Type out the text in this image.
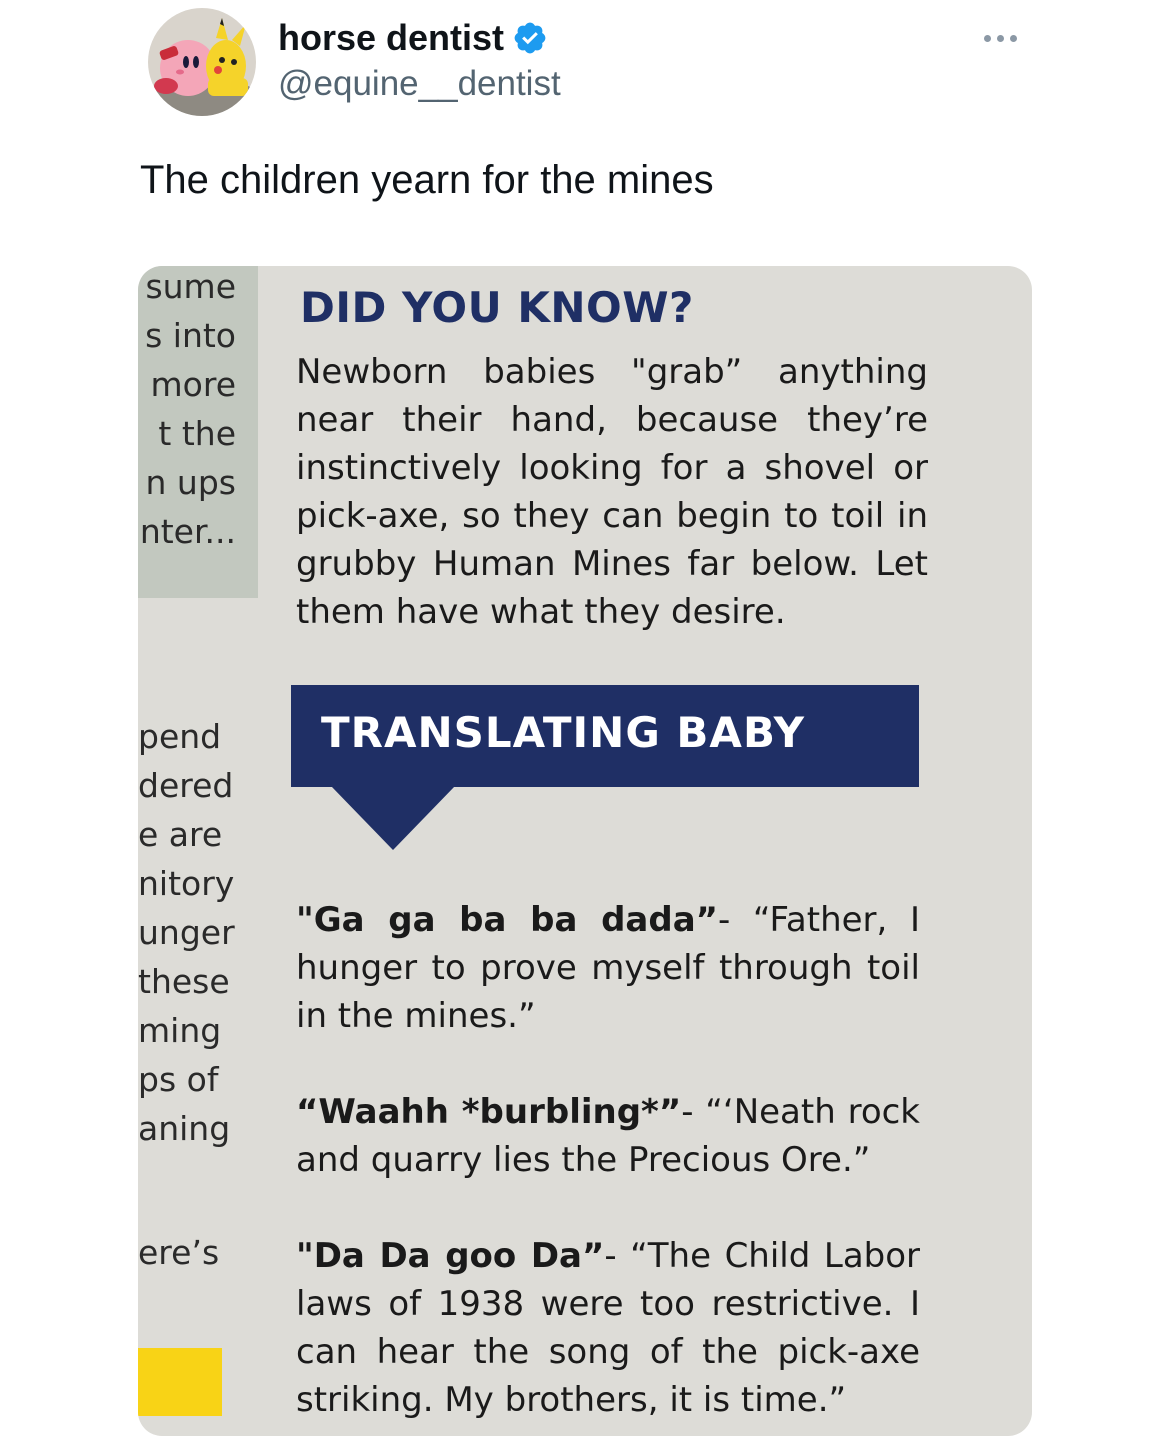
horse dentist
@equine__dentist
The children yearn for the mines
sume
s into
more
t the
n ups
nter...
pend
dered
e are
nitory
unger
these
ming
ps of
aning
ere’s
DID YOU KNOW?
Newborn babies "grab” anything near their hand, because they’re instinctively looking for a shovel or pick-axe, so they can begin to toil in grubby Human Mines far below. Let them have what they desire.
TRANSLATING BABY
"Ga ga ba ba dada”- “Father, I hunger to prove myself through toil in the mines.”
“Waahh *burbling*”- “‘Neath rock and quarry lies the Precious Ore.”
"Da Da goo Da”- “The Child Labor laws of 1938 were too restrictive. I can hear the song of the pick-axe striking. My brothers, it is time.”
